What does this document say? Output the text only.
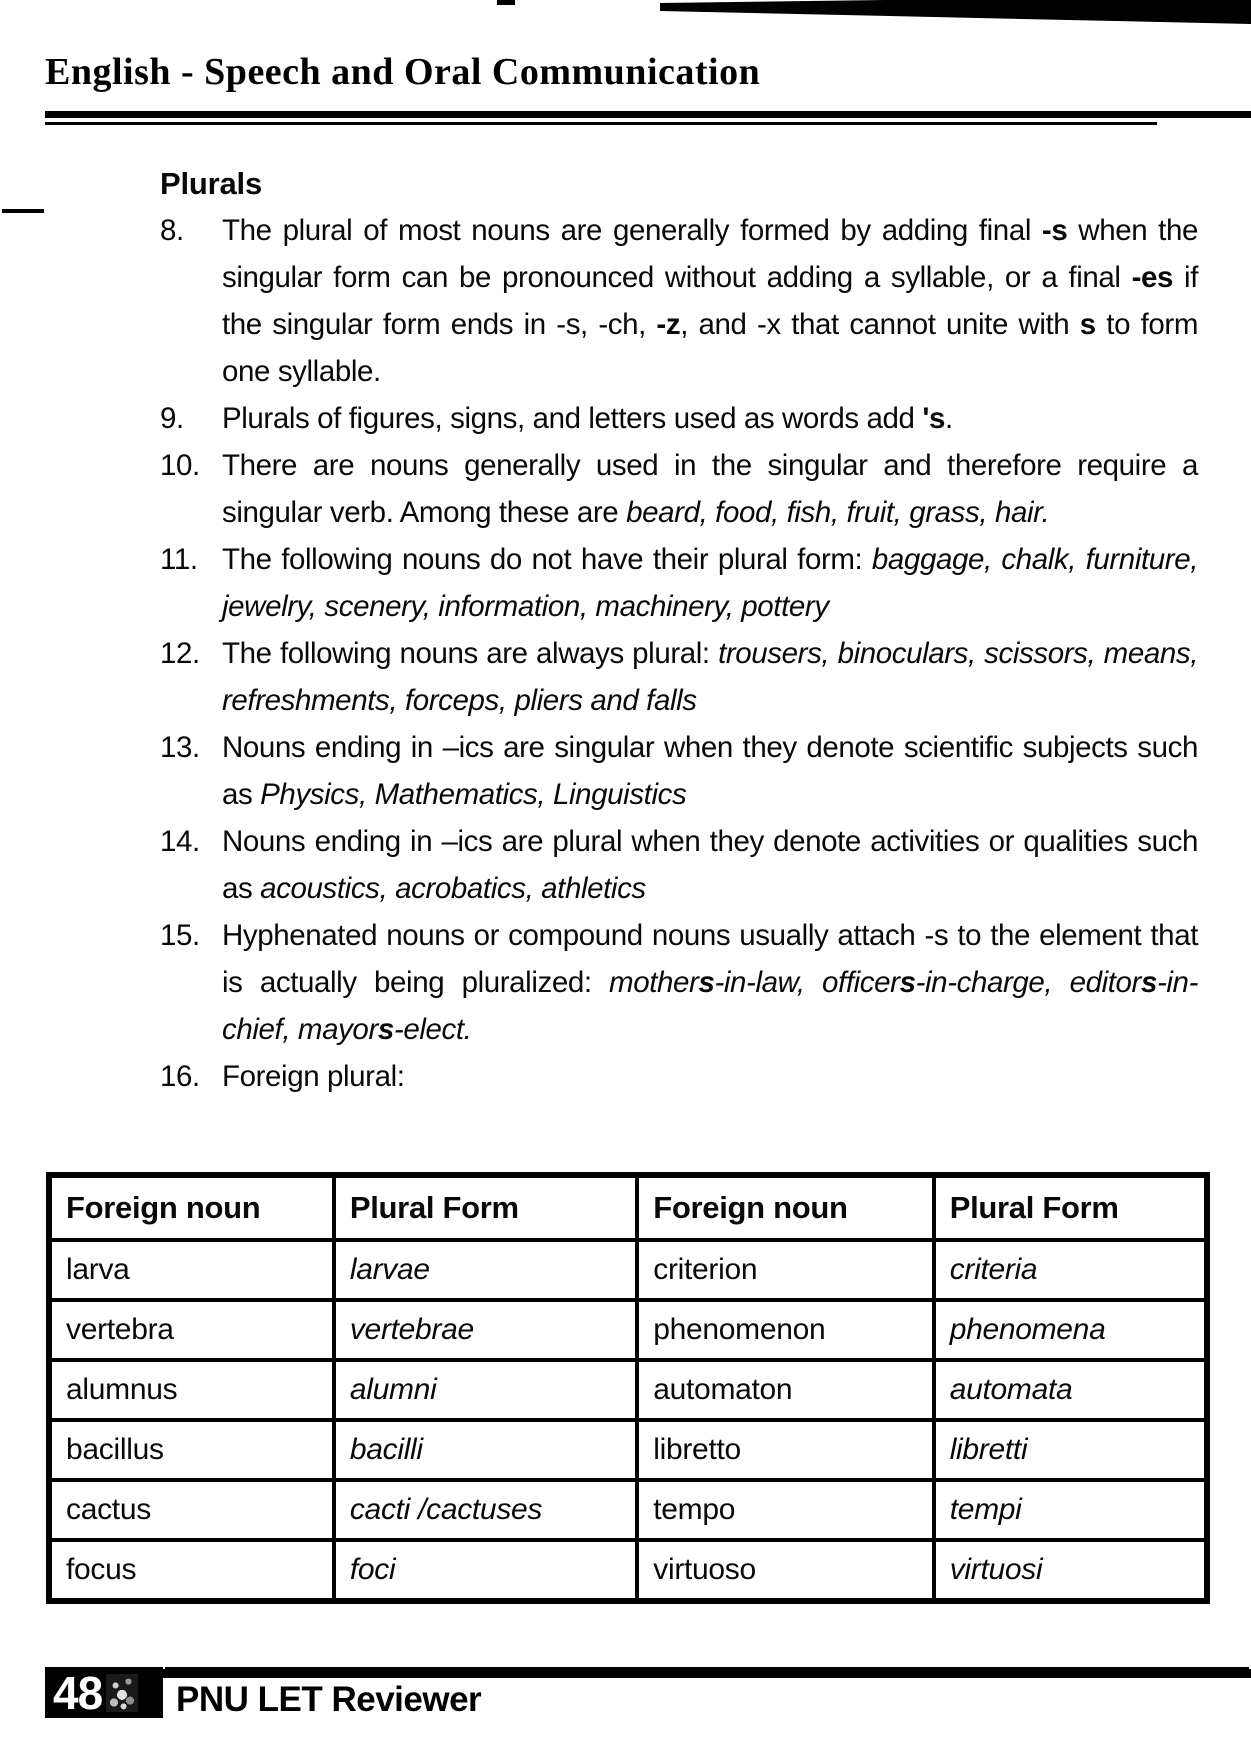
English - Speech and Oral Communication
Plurals
8.	The plural of most nouns are generally formed by adding final -s when the singular form can be pronounced without adding a syllable, or a final -es if the singular form ends in -s, -ch, -z, and -x that cannot unite with s to form one syllable.
9.	Plurals of figures, signs, and letters used as words add 's.
10. There are nouns generally used in the singular and therefore require a singular verb. Among these are beard, food, fish, fruit, grass, hair.
11. The following nouns do not have their plural form: baggage, chalk, furniture, jewelry, scenery, information, machinery, pottery
12. The following nouns are always plural: trousers, binoculars, scissors, means, refreshments, forceps, pliers and falls
13. Nouns ending in –ics are singular when they denote scientific subjects such as Physics, Mathematics, Linguistics
14. Nouns ending in –ics are plural when they denote activities or qualities such as acoustics, acrobatics, athletics
15. Hyphenated nouns or compound nouns usually attach -s to the element that is actually being pluralized: mothers-in-law, officers-in-charge, editors-in-chief, mayors-elect.
16. Foreign plural:
Foreign noun	Plural Form	Foreign noun	Plural Form
larva	larvae	criterion	criteria
vertebra	vertebrae	phenomenon	phenomena
alumnus	alumni	automaton	automata
bacillus	bacilli	libretto	libretti
cactus	cacti /cactuses	tempo	tempi
focus	foci	virtuoso	virtuosi
48 PNU LET Reviewer
